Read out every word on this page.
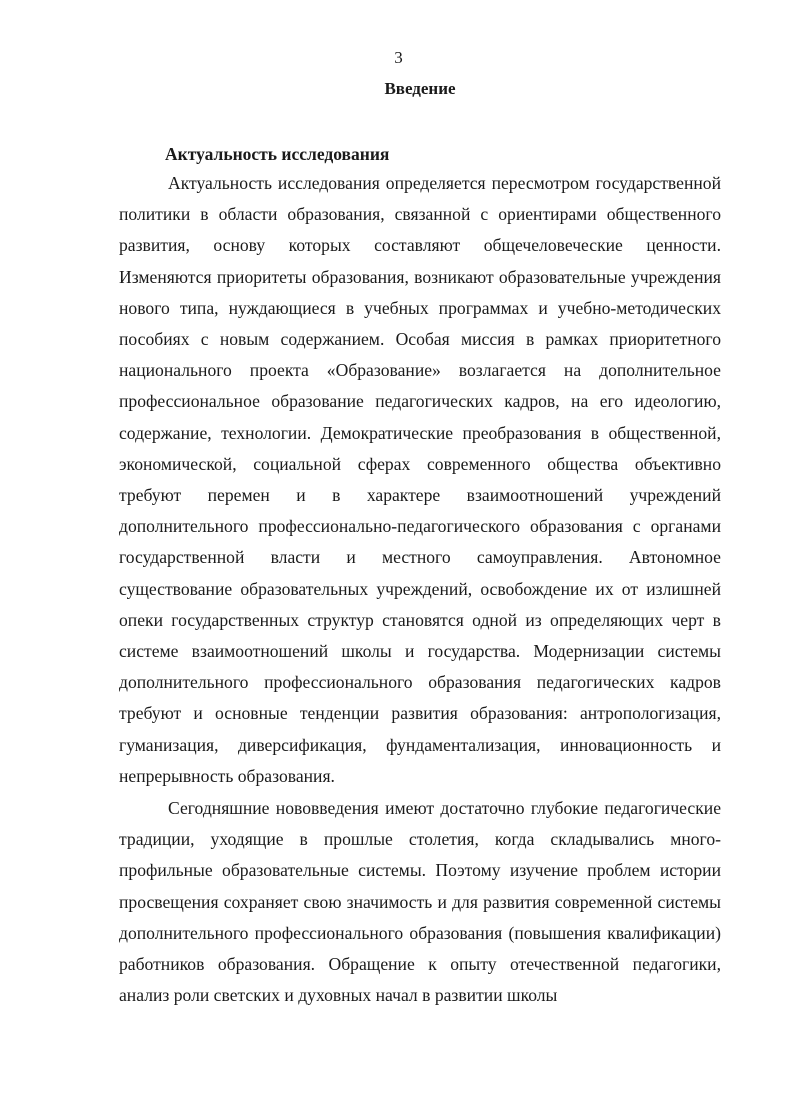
3
Введение
Актуальность исследования

Актуальность исследования определяется пересмотром государственной политики в области образования, связанной с ориентирами общественного развития, основу которых составляют общечеловеческие ценности. Изменяются приоритеты образования, возникают образовательные учреждения нового типа, нуждающиеся в учебных программах и учебно-методических пособиях с новым содержанием. Особая миссия в рамках приоритетного национального проекта «Образование» возлагается на дополнительное профессиональное образование педагогических кадров, на его идеологию, содержание, технологии. Демократические преобразования в общественной, экономической, социальной сферах современного общества объективно требуют перемен и в характере взаимоотношений учреждений дополнительного профессионально-педагогического образования с органами государственной власти и местного самоуправления. Автономное существование образовательных учреждений, освобождение их от излишней опеки государственных структур становятся одной из определяющих черт в системе взаимоотношений школы и государства. Модернизации системы дополнительного профессионального образования педагогических кадров требуют и основные тенденции развития образования: антропологизация, гуманизация, диверсификация, фундаментализация, инновационность и непрерывность образования.

Сегодняшние нововведения имеют достаточно глубокие педагогические традиции, уходящие в прошлые столетия, когда складывались многопрофильные образовательные системы. Поэтому изучение проблем истории просвещения сохраняет свою значимость и для развития современной системы дополнительного профессионального образования (повышения квалификации) работников образования. Обращение к опыту отечественной педагогики, анализ роли светских и духовных начал в развитии школы
